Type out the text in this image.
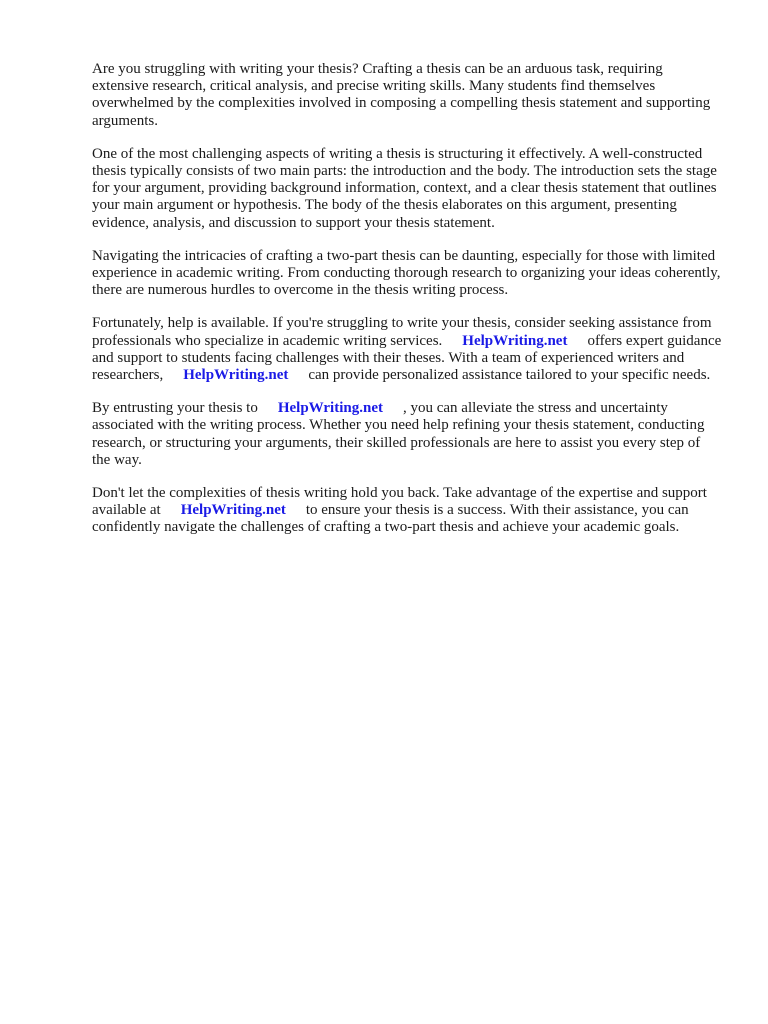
Are you struggling with writing your thesis? Crafting a thesis can be an arduous task, requiring extensive research, critical analysis, and precise writing skills. Many students find themselves overwhelmed by the complexities involved in composing a compelling thesis statement and supporting arguments.

One of the most challenging aspects of writing a thesis is structuring it effectively. A well-constructed thesis typically consists of two main parts: the introduction and the body. The introduction sets the stage for your argument, providing background information, context, and a clear thesis statement that outlines your main argument or hypothesis. The body of the thesis elaborates on this argument, presenting evidence, analysis, and discussion to support your thesis statement.

Navigating the intricacies of crafting a two-part thesis can be daunting, especially for those with limited experience in academic writing. From conducting thorough research to organizing your ideas coherently, there are numerous hurdles to overcome in the thesis writing process.

Fortunately, help is available. If you're struggling to write your thesis, consider seeking assistance from professionals who specialize in academic writing services. HelpWriting.net offers expert guidance and support to students facing challenges with their theses. With a team of experienced writers and researchers, HelpWriting.net can provide personalized assistance tailored to your specific needs.

By entrusting your thesis to HelpWriting.net , you can alleviate the stress and uncertainty associated with the writing process. Whether you need help refining your thesis statement, conducting research, or structuring your arguments, their skilled professionals are here to assist you every step of the way.

Don't let the complexities of thesis writing hold you back. Take advantage of the expertise and support available at HelpWriting.net to ensure your thesis is a success. With their assistance, you can confidently navigate the challenges of crafting a two-part thesis and achieve your academic goals.
